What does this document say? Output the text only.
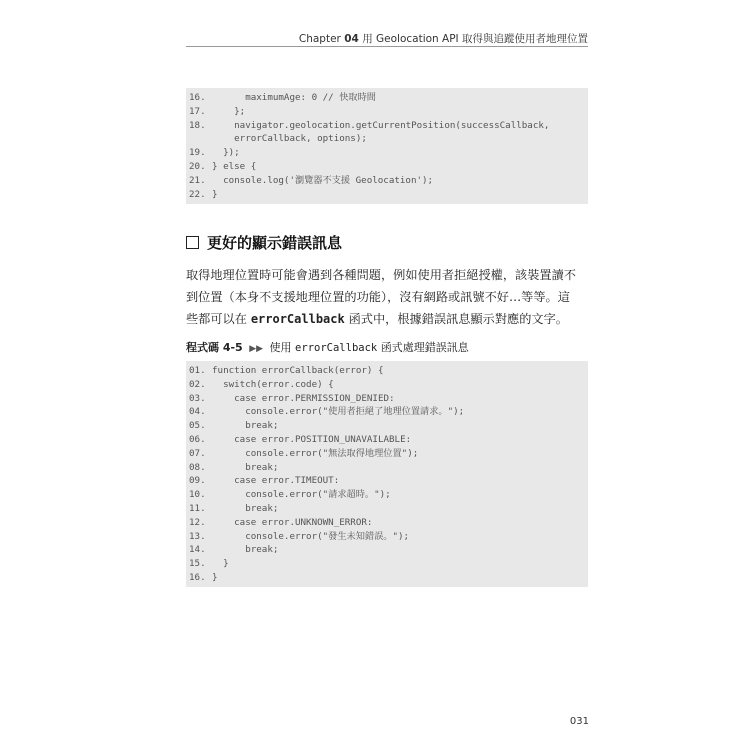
Chapter 04 用 Geolocation API 取得與追蹤使用者地理位置
16.      maximumAge: 0 // 快取時間
17.    };
18.    navigator.geolocation.getCurrentPosition(successCallback,
errorCallback, options);
19.  });
20. } else {
21.  console.log('瀏覽器不支援 Geolocation');
22. }
更好的顯示錯誤訊息
取得地理位置時可能會遇到各種問題，例如使用者拒絕授權，該裝置讀不
到位置（本身不支援地理位置的功能），沒有網路或訊號不好…等等。這
些都可以在 errorCallback 函式中，根據錯誤訊息顯示對應的文字。
程式碼 4-5 ▶▶ 使用 errorCallback 函式處理錯誤訊息
01. function errorCallback(error) {
02.  switch(error.code) {
03.    case error.PERMISSION_DENIED:
04.      console.error("使用者拒絕了地理位置請求。");
05.      break;
06.    case error.POSITION_UNAVAILABLE:
07.      console.error("無法取得地理位置");
08.      break;
09.    case error.TIMEOUT:
10.      console.error("請求超時。");
11.      break;
12.    case error.UNKNOWN_ERROR:
13.      console.error("發生未知錯誤。");
14.      break;
15.  }
16. }
031
